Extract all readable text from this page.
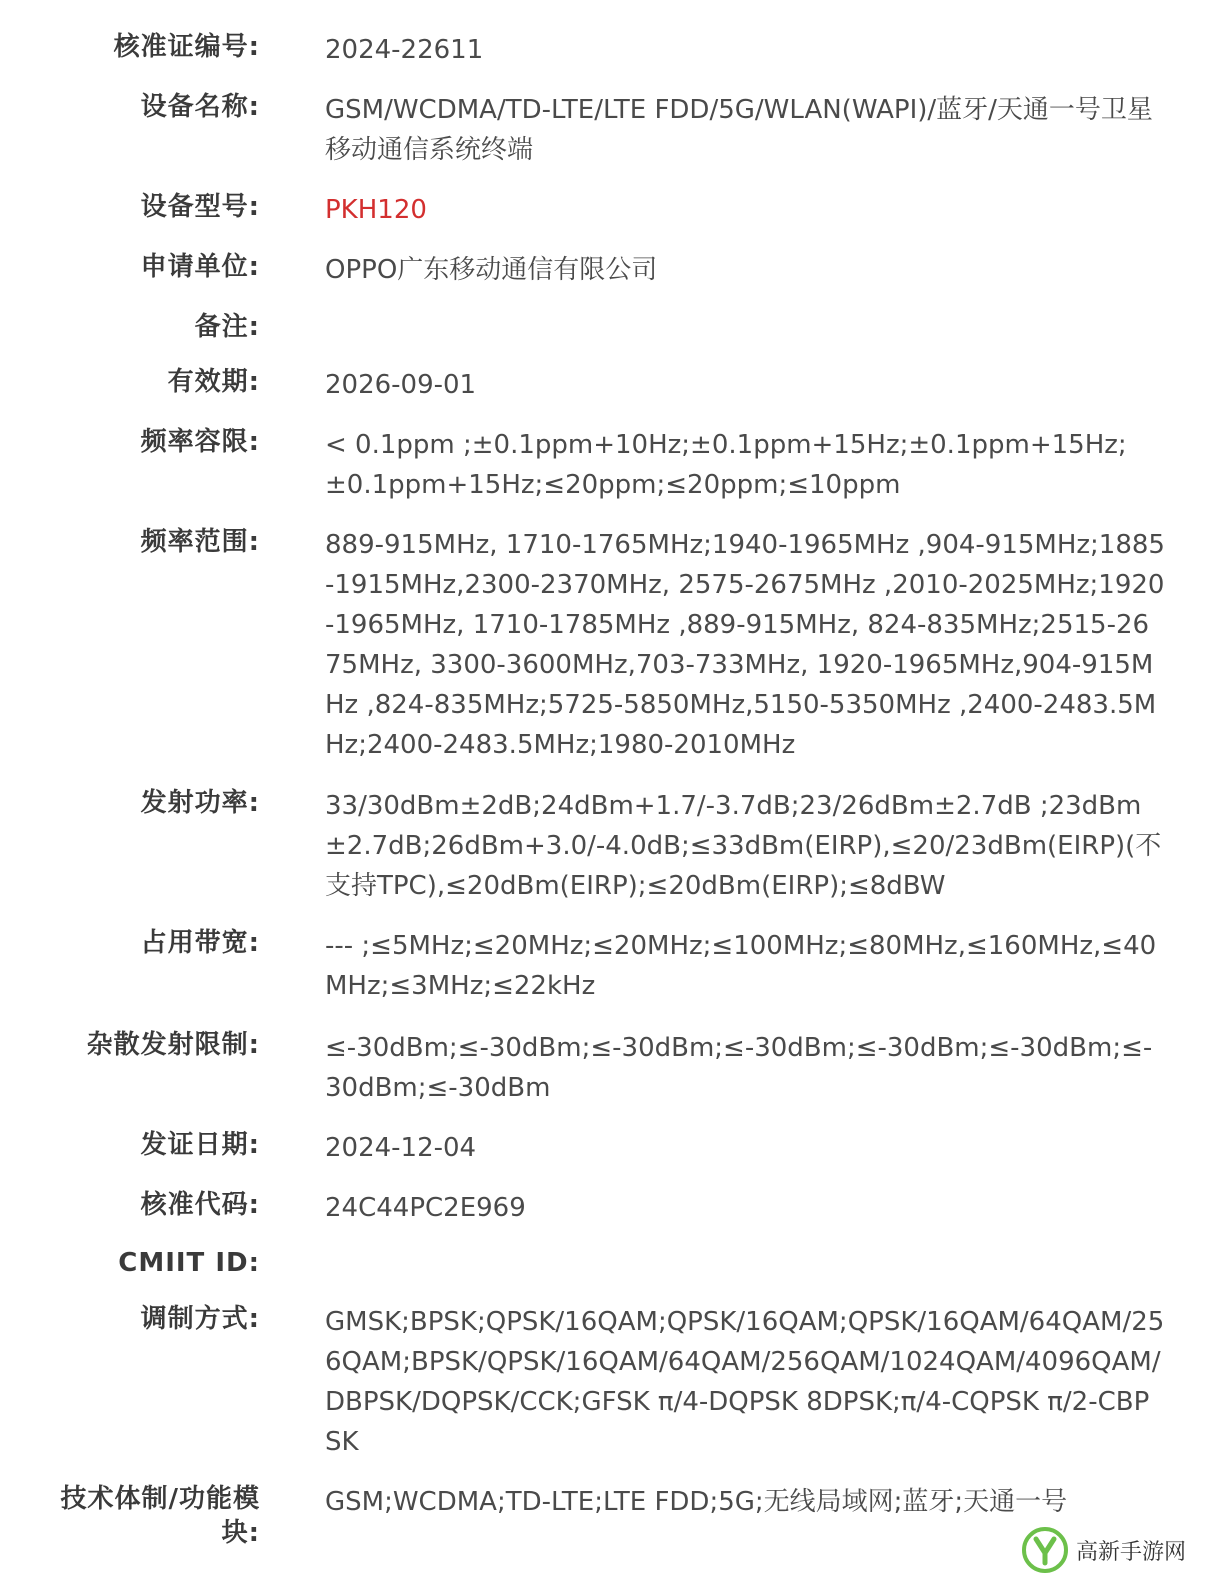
核准证编号:	2024-22611
设备名称:	GSM/WCDMA/TD-LTE/LTE FDD/5G/WLAN(WAPI)/蓝牙/天通一号卫星移动通信系统终端
设备型号:	PKH120
申请单位:	OPPO广东移动通信有限公司
备注:
有效期:	2026-09-01
频率容限:	< 0.1ppm ;±0.1ppm+10Hz;±0.1ppm+15Hz;±0.1ppm+15Hz;±0.1ppm+15Hz;≤20ppm;≤20ppm;≤10ppm
频率范围:	889-915MHz, 1710-1765MHz;1940-1965MHz ,904-915MHz;1885-1915MHz,2300-2370MHz, 2575-2675MHz ,2010-2025MHz;1920-1965MHz, 1710-1785MHz ,889-915MHz, 824-835MHz;2515-2675MHz, 3300-3600MHz,703-733MHz, 1920-1965MHz,904-915MHz ,824-835MHz;5725-5850MHz,5150-5350MHz ,2400-2483.5MHz;2400-2483.5MHz;1980-2010MHz
发射功率:	33/30dBm±2dB;24dBm+1.7/-3.7dB;23/26dBm±2.7dB ;23dBm±2.7dB;26dBm+3.0/-4.0dB;≤33dBm(EIRP),≤20/23dBm(EIRP)(不支持TPC),≤20dBm(EIRP);≤20dBm(EIRP);≤8dBW
占用带宽:	--- ;≤5MHz;≤20MHz;≤20MHz;≤100MHz;≤80MHz,≤160MHz,≤40MHz;≤3MHz;≤22kHz
杂散发射限制:	≤-30dBm;≤-30dBm;≤-30dBm;≤-30dBm;≤-30dBm;≤-30dBm;≤-30dBm;≤-30dBm
发证日期:	2024-12-04
核准代码:	24C44PC2E969
CMIIT ID:
调制方式:	GMSK;BPSK;QPSK/16QAM;QPSK/16QAM;QPSK/16QAM/64QAM/256QAM;BPSK/QPSK/16QAM/64QAM/256QAM/1024QAM/4096QAM/DBPSK/DQPSK/CCK;GFSK π/4-DQPSK 8DPSK;π/4-CQPSK π/2-CBPSK
技术体制/功能模块:
GSM;WCDMA;TD-LTE;LTE FDD;5G;无线局域网;蓝牙;天通一号
高新手游网
